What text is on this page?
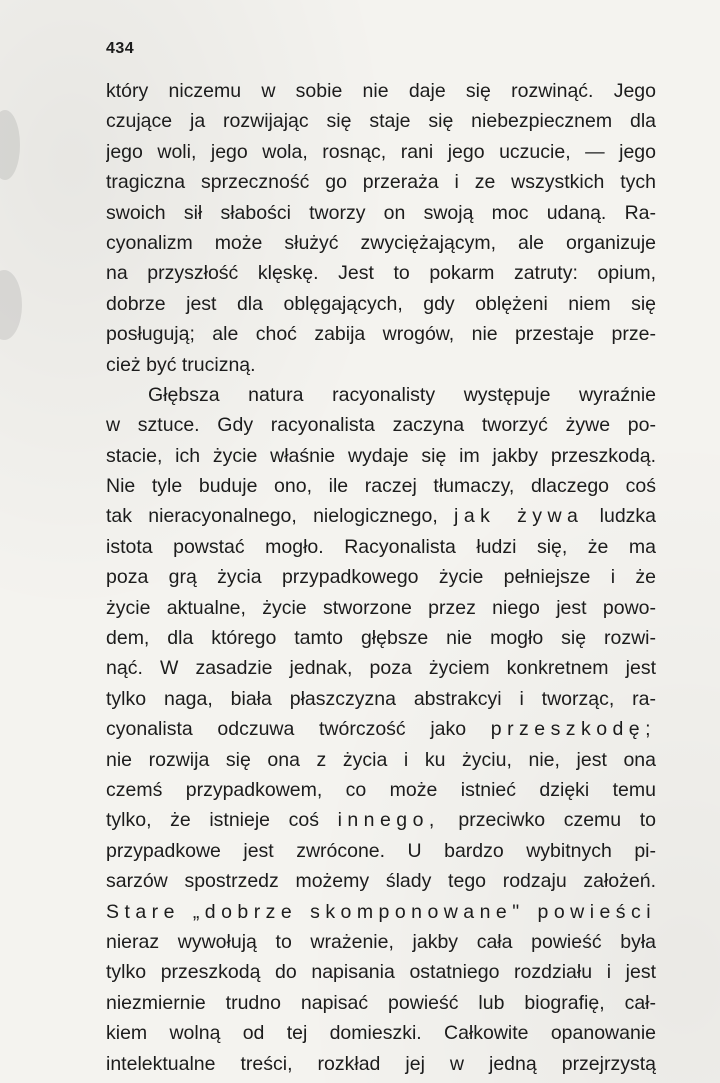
434
który niczemu w sobie nie daje się rozwinąć. Jego
czujące ja rozwijając się staje się niebezpiecznem dla
jego woli, jego wola, rosnąc, rani jego uczucie, — jego
tragiczna sprzeczność go przeraża i ze wszystkich tych
swoich sił słabości tworzy on swoją moc udaną. Ra-
cyonalizm może służyć zwyciężającym, ale organizuje
na przyszłość klęskę. Jest to pokarm zatruty: opium,
dobrze jest dla oblęgających, gdy oblężeni niem się
posługują; ale choć zabija wrogów, nie przestaje prze-
cież być trucizną.
Głębsza natura racyonalisty występuje wyraźnie
w sztuce. Gdy racyonalista zaczyna tworzyć żywe po-
stacie, ich życie właśnie wydaje się im jakby przeszkodą.
Nie tyle buduje ono, ile raczej tłumaczy, dlaczego coś
tak nieracyonalnego, nielogicznego, jak żywa ludzka
istota powstać mogło. Racyonalista łudzi się, że ma
poza grą życia przypadkowego życie pełniejsze i że
życie aktualne, życie stworzone przez niego jest powo-
dem, dla którego tamto głębsze nie mogło się rozwi-
nąć. W zasadzie jednak, poza życiem konkretnem jest
tylko naga, biała płaszczyzna abstrakcyi i tworząc, ra-
cyonalista odczuwa twórczość jako przeszkodę;
nie rozwija się ona z życia i ku życiu, nie, jest ona
czemś przypadkowem, co może istnieć dzięki temu
tylko, że istnieje coś innego, przeciwko czemu to
przypadkowe jest zwrócone. U bardzo wybitnych pi-
sarzów spostrzedz możemy ślady tego rodzaju założeń.
Stare „dobrze skomponowane" powieści
nieraz wywołują to wrażenie, jakby cała powieść była
tylko przeszkodą do napisania ostatniego rozdziału i jest
niezmiernie trudno napisać powieść lub biografię, cał-
kiem wolną od tej domieszki. Całkowite opanowanie
intelektualne treści, rozkład jej w jedną przejrzystą
